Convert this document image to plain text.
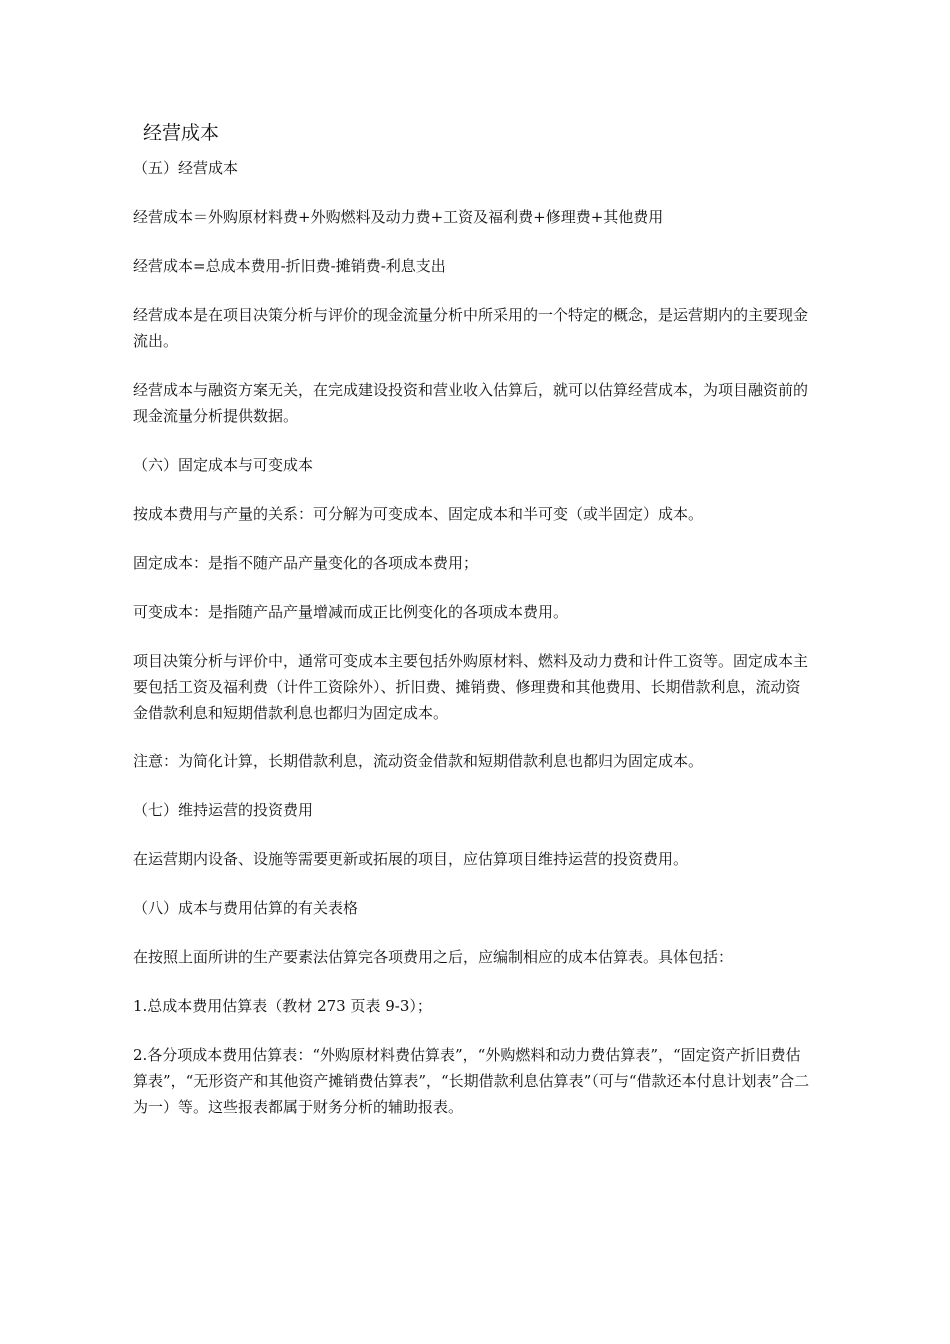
经营成本

（五）经营成本

经营成本＝外购原材料费+外购燃料及动力费+工资及福利费+修理费+其他费用

经营成本=总成本费用-折旧费-摊销费-利息支出

经营成本是在项目决策分析与评价的现金流量分析中所采用的一个特定的概念，是运营期内的主要现金流出。

经营成本与融资方案无关，在完成建设投资和营业收入估算后，就可以估算经营成本，为项目融资前的现金流量分析提供数据。

（六）固定成本与可变成本

按成本费用与产量的关系：可分解为可变成本、固定成本和半可变（或半固定）成本。

固定成本：是指不随产品产量变化的各项成本费用；

可变成本：是指随产品产量增减而成正比例变化的各项成本费用。

项目决策分析与评价中，通常可变成本主要包括外购原材料、燃料及动力费和计件工资等。固定成本主要包括工资及福利费（计件工资除外）、折旧费、摊销费、修理费和其他费用、长期借款利息，流动资金借款利息和短期借款利息也都归为固定成本。

注意：为简化计算，长期借款利息，流动资金借款和短期借款利息也都归为固定成本。

（七）维持运营的投资费用

在运营期内设备、设施等需要更新或拓展的项目，应估算项目维持运营的投资费用。

（八）成本与费用估算的有关表格

在按照上面所讲的生产要素法估算完各项费用之后，应编制相应的成本估算表。具体包括：

1.总成本费用估算表（教材 273 页表 9-3）；

2.各分项成本费用估算表：“外购原材料费估算表”，“外购燃料和动力费估算表”，“固定资产折旧费估算表”，“无形资产和其他资产摊销费估算表”，“长期借款利息估算表”（可与“借款还本付息计划表”合二为一）等。这些报表都属于财务分析的辅助报表。
